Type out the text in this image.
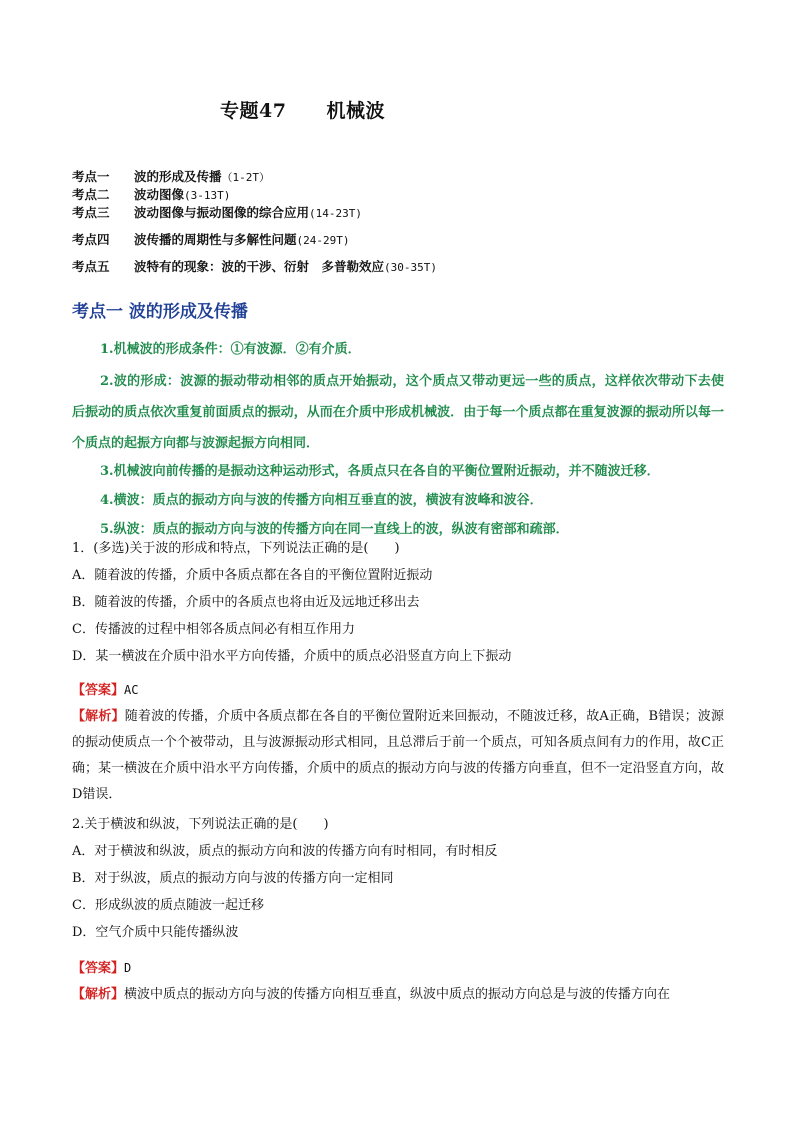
专题47 机械波
考点一 波的形成及传播（1-2T）
考点二 波动图像(3-13T)
考点三 波动图像与振动图像的综合应用(14-23T)
考点四 波传播的周期性与多解性问题(24-29T)
考点五 波特有的现象：波的干涉、衍射　多普勒效应(30-35T)
考点一 波的形成及传播

1.机械波的形成条件：①有波源．②有介质．

2.波的形成：波源的振动带动相邻的质点开始振动，这个质点又带动更远一些的质点，这样依次带动下去使后振动的质点依次重复前面质点的振动，从而在介质中形成机械波．由于每一个质点都在重复波源的振动所以每一个质点的起振方向都与波源起振方向相同．

3.机械波向前传播的是振动这种运动形式，各质点只在各自的平衡位置附近振动，并不随波迁移．

4.横波：质点的振动方向与波的传播方向相互垂直的波，横波有波峰和波谷．

5.纵波：质点的振动方向与波的传播方向在同一直线上的波，纵波有密部和疏部．

1．(多选)关于波的形成和特点，下列说法正确的是(　　)
A．随着波的传播，介质中各质点都在各自的平衡位置附近振动
B．随着波的传播，介质中的各质点也将由近及远地迁移出去
C．传播波的过程中相邻各质点间必有相互作用力
D．某一横波在介质中沿水平方向传播，介质中的质点必沿竖直方向上下振动
【答案】AC
【解析】随着波的传播，介质中各质点都在各自的平衡位置附近来回振动，不随波迁移，故A正确，B错误；波源的振动使质点一个个被带动，且与波源振动形式相同，且总滞后于前一个质点，可知各质点间有力的作用，故C正确；某一横波在介质中沿水平方向传播，介质中的质点的振动方向与波的传播方向垂直，但不一定沿竖直方向，故D错误．
2.关于横波和纵波，下列说法正确的是(　　)
A．对于横波和纵波，质点的振动方向和波的传播方向有时相同，有时相反
B．对于纵波，质点的振动方向与波的传播方向一定相同
C．形成纵波的质点随波一起迁移
D．空气介质中只能传播纵波
【答案】D
【解析】横波中质点的振动方向与波的传播方向相互垂直，纵波中质点的振动方向总是与波的传播方向在
